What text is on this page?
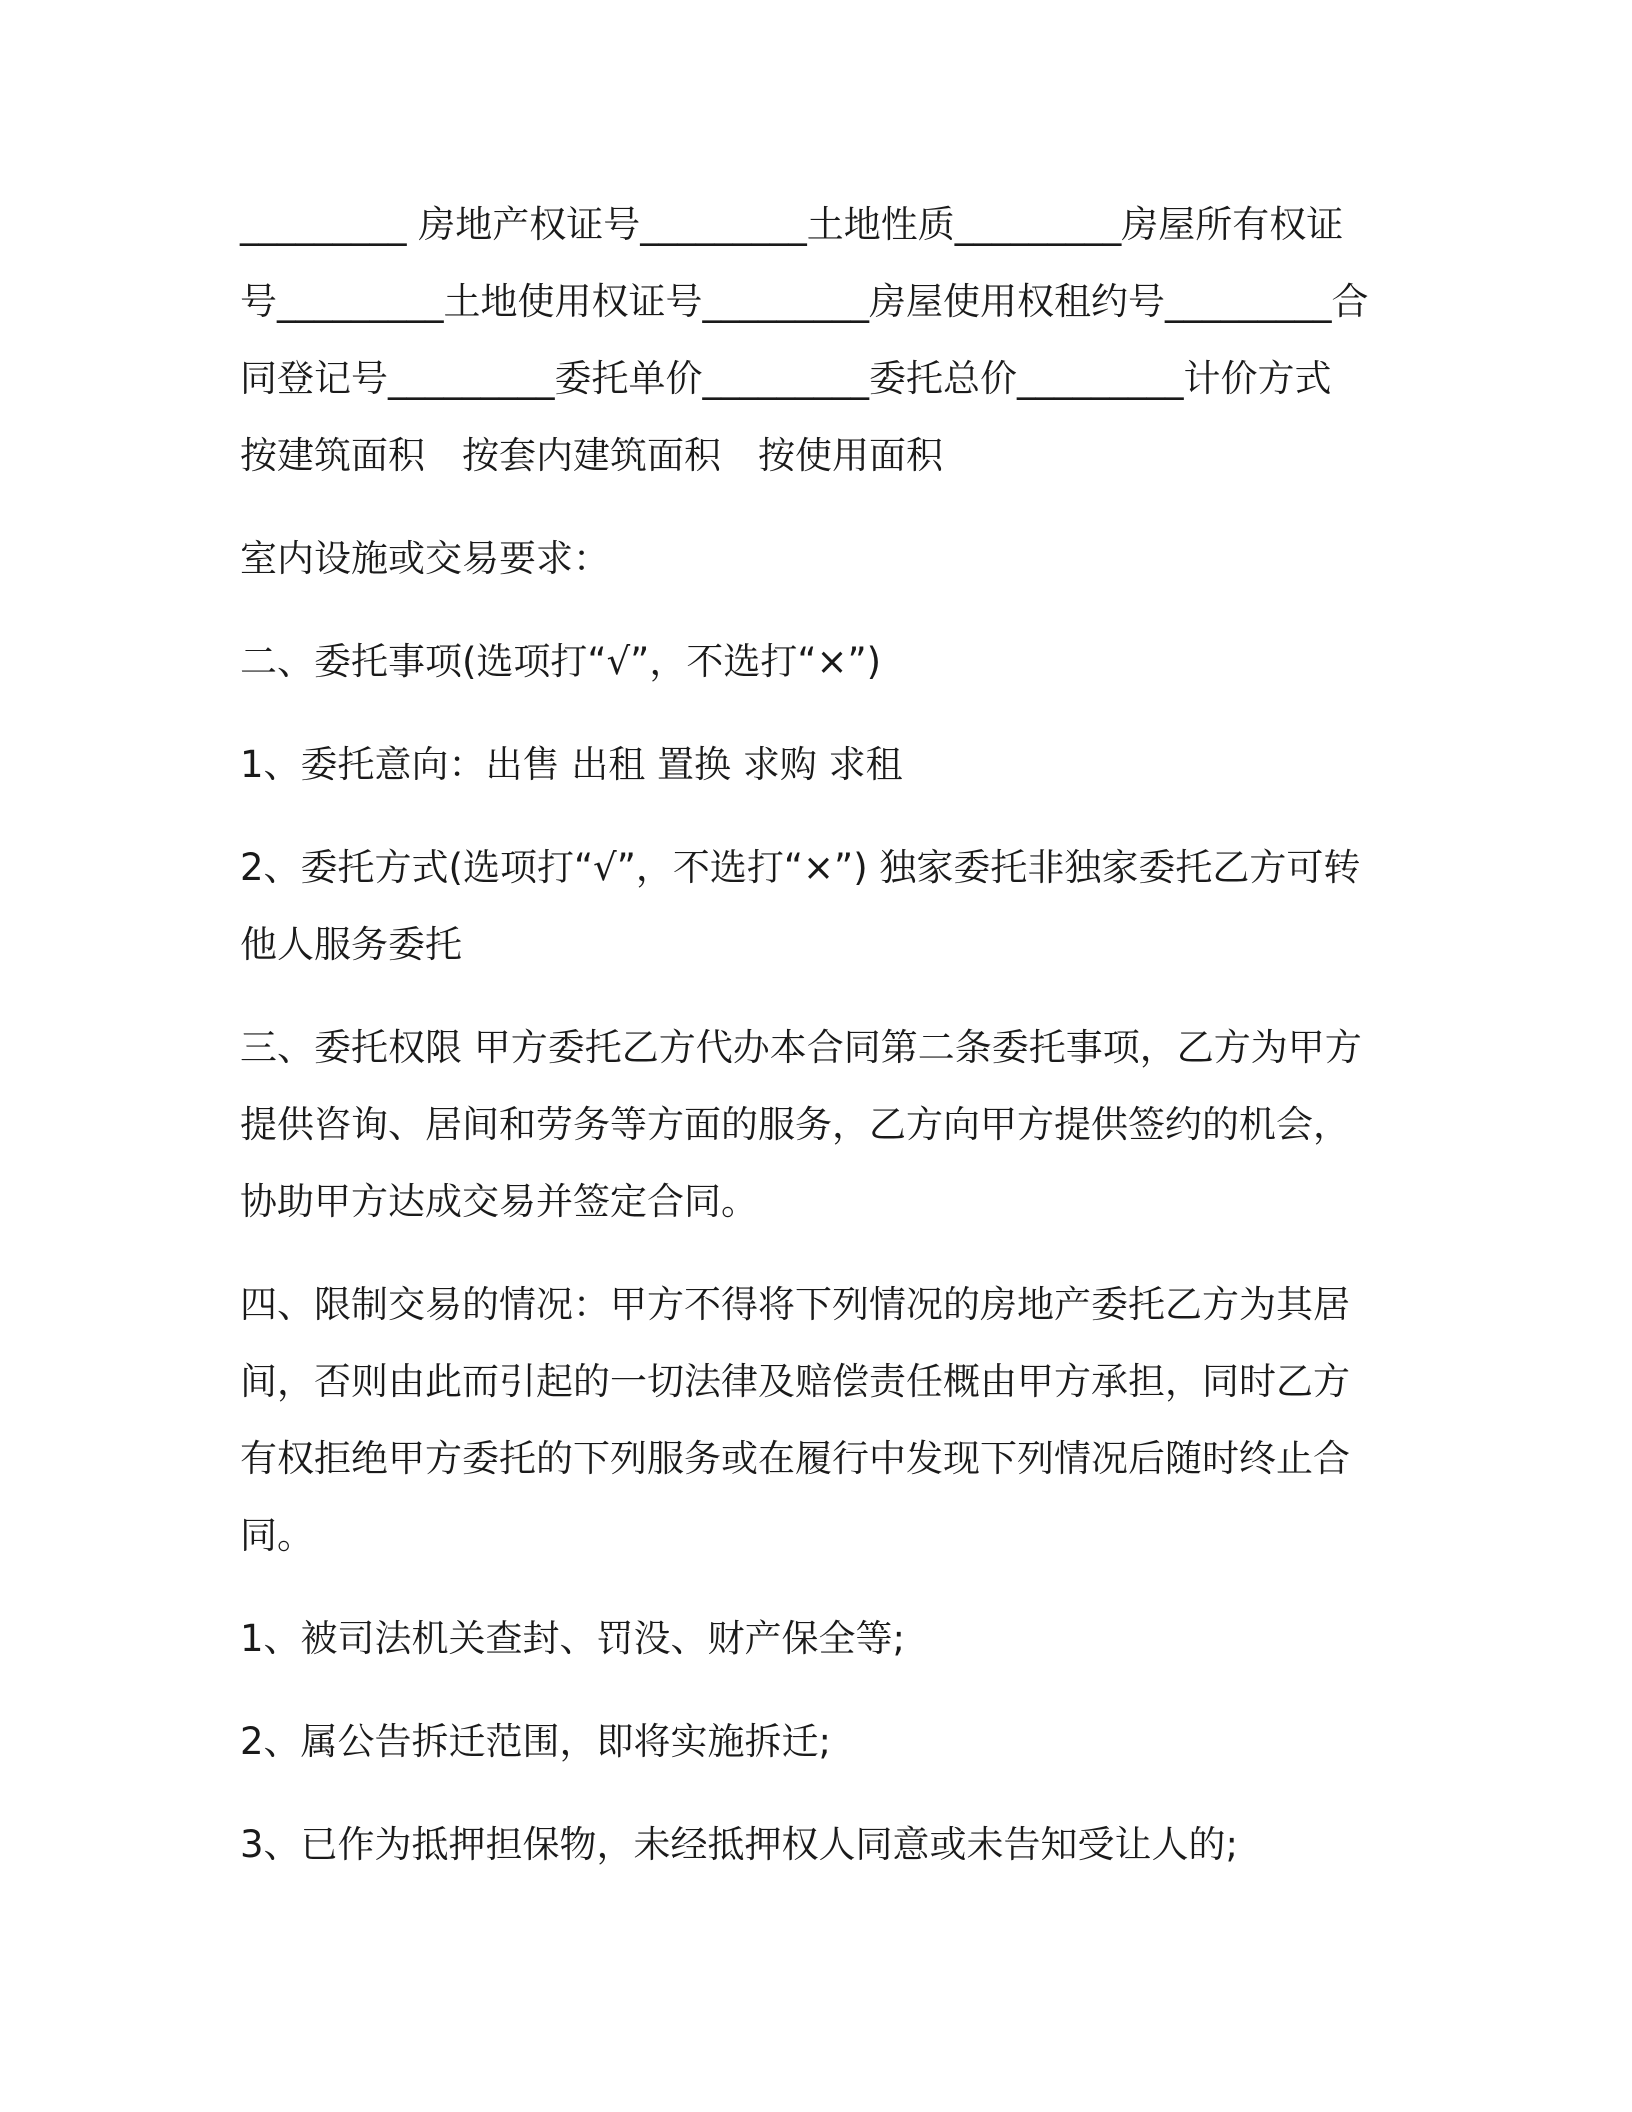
_________ 房地产权证号_________土地性质_________房屋所有权证号_________土地使用权证号_________房屋使用权租约号_________合同登记号_________委托单价_________委托总价_________计价方式　按建筑面积　按套内建筑面积　按使用面积

室内设施或交易要求：

二、委托事项(选项打“√”，不选打“×”)

1、委托意向：出售 出租 置换 求购 求租

2、委托方式(选项打“√”，不选打“×”) 独家委托非独家委托乙方可转他人服务委托

三、委托权限 甲方委托乙方代办本合同第二条委托事项，乙方为甲方提供咨询、居间和劳务等方面的服务，乙方向甲方提供签约的机会，协助甲方达成交易并签定合同。

四、限制交易的情况：甲方不得将下列情况的房地产委托乙方为其居间，否则由此而引起的一切法律及赔偿责任概由甲方承担，同时乙方有权拒绝甲方委托的下列服务或在履行中发现下列情况后随时终止合同。

1、被司法机关查封、罚没、财产保全等;

2、属公告拆迁范围，即将实施拆迁;

3、已作为抵押担保物，未经抵押权人同意或未告知受让人的;
